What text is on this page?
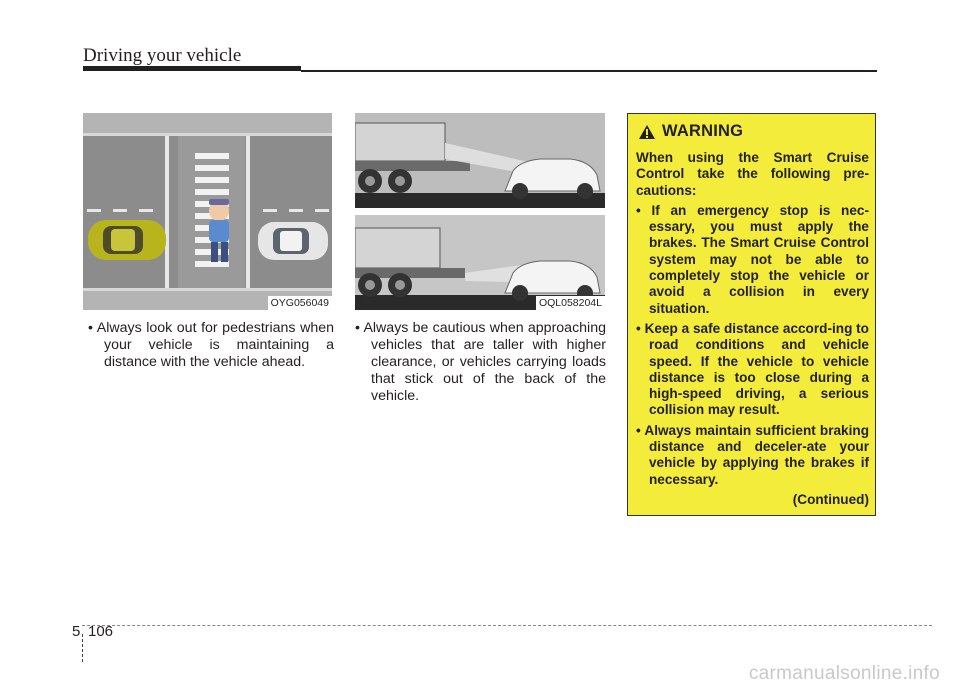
Driving your vehicle
OYG056049	OQL058204L

• Always look out for pedestrians when your vehicle is maintaining a distance with the vehicle ahead.

• Always be cautious when approaching vehicles that are taller with higher clearance, or vehicles carrying loads that stick out of the back of the vehicle.

WARNING

When using the Smart Cruise Control take the following pre-cautions:

• If an emergency stop is nec-essary, you must apply the brakes. The Smart Cruise Control system may not be able to completely stop the vehicle or avoid a collision in every situation.

• Keep a safe distance accord-ing to road conditions and vehicle speed. If the vehicle to vehicle distance is too close during a high-speed driving, a serious collision may result.

• Always maintain sufficient braking distance and deceler-ate your vehicle by applying the brakes if necessary.

(Continued)

5 106
carmanualsonline.info
